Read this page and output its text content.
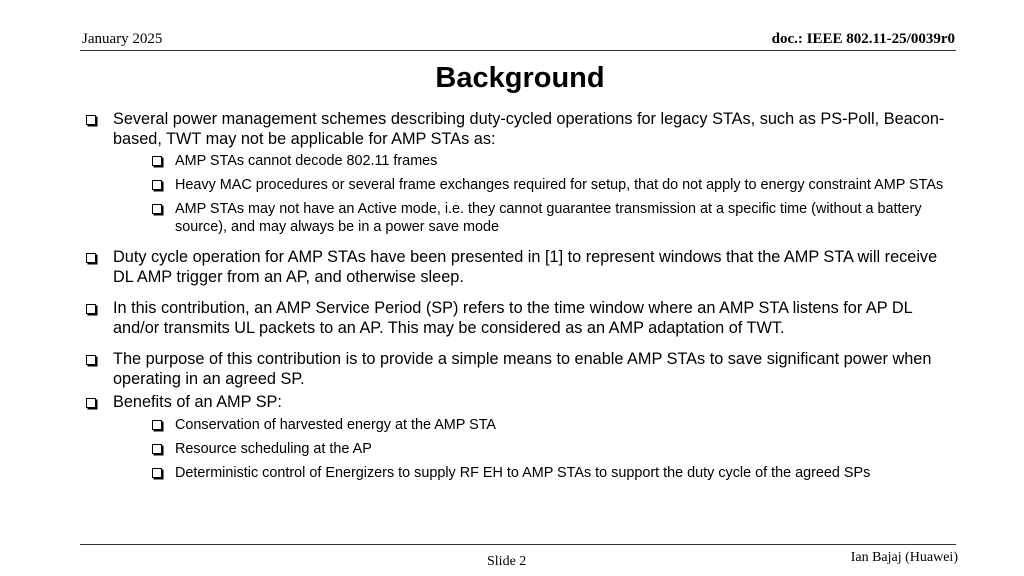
January 2025	doc.: IEEE 802.11-25/0039r0
Background
Several power management schemes describing duty-cycled operations for legacy STAs, such as PS-Poll, Beacon-based, TWT may not be applicable for AMP STAs as:
AMP STAs cannot decode 802.11 frames
Heavy MAC procedures or several frame exchanges required for setup, that do not apply to energy constraint AMP STAs
AMP STAs may not have an Active mode, i.e. they cannot guarantee transmission at a specific time (without a battery source), and may always be in a power save mode
Duty cycle operation for AMP STAs have been presented in [1] to represent windows that the AMP STA will receive DL AMP trigger from an AP, and otherwise sleep.
In this contribution, an AMP Service Period (SP) refers to the time window where an AMP STA listens for AP DL and/or transmits UL packets to an AP. This may be considered as an AMP adaptation of TWT.
The purpose of this contribution is to provide a simple means to enable AMP STAs to save significant power when operating in an agreed SP.
Benefits of an AMP SP:
Conservation of harvested energy at the AMP STA
Resource scheduling at the AP
Deterministic control of Energizers to supply RF EH to AMP STAs to support the duty cycle of the agreed SPs
Slide 2	Ian Bajaj (Huawei)
